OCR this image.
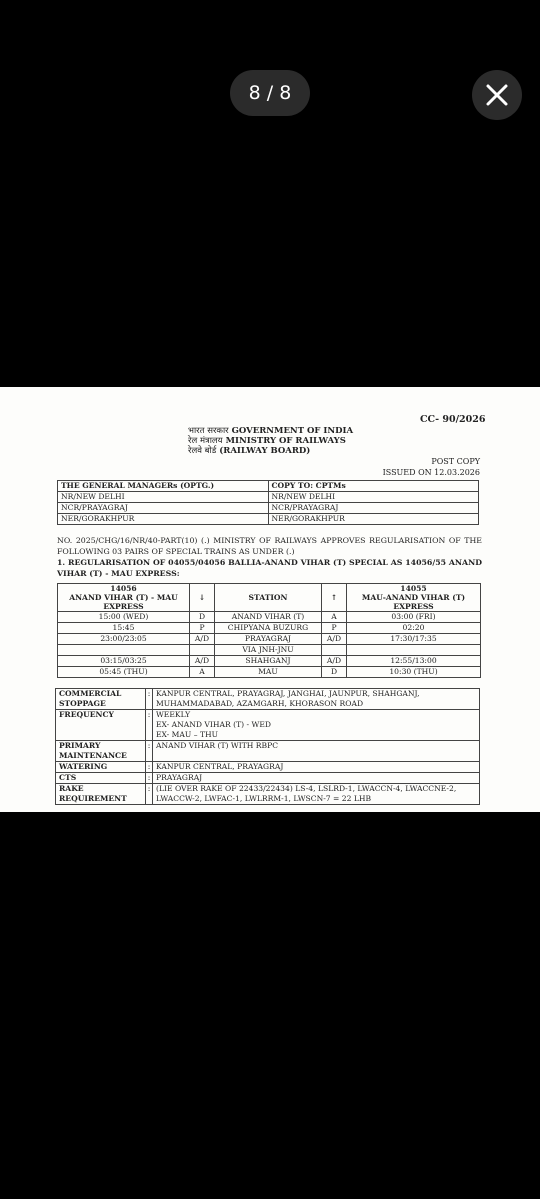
8 / 8
CC- 90/2026
भारत सरकार GOVERNMENT OF INDIA
रेल मंत्रालय MINISTRY OF RAILWAYS
रेलवे बोर्ड (RAILWAY BOARD)
POST COPY
ISSUED ON 12.03.2026
THE GENERAL MANAGERs (OPTG.)	COPY TO: CPTMs
NR/NEW DELHI	NR/NEW DELHI
NCR/PRAYAGRAJ	NCR/PRAYAGRAJ
NER/GORAKHPUR	NER/GORAKHPUR
NO. 2025/CHG/16/NR/40-PART(10) (.) MINISTRY OF RAILWAYS APPROVES REGULARISATION OF THE FOLLOWING 03 PAIRS OF SPECIAL TRAINS AS UNDER (.)
1. REGULARISATION OF 04055/04056 BALLIA-ANAND VIHAR (T) SPECIAL AS 14056/55 ANAND VIHAR (T) - MAU EXPRESS:
14056
ANAND VIHAR (T) - MAU EXPRESS	↓	STATION	↑	14055
MAU-ANAND VIHAR (T) EXPRESS
15:00 (WED)	D	ANAND VIHAR (T)	A	03:00 (FRI)
15:45	P	CHIPYANA BUZURG	P	02:20
23:00/23:05	A/D	PRAYAGRAJ	A/D	17:30/17:35
		VIA JNH-JNU		
03:15/03:25	A/D	SHAHGANJ	A/D	12:55/13:00
05:45 (THU)	A	MAU	D	10:30 (THU)
COMMERCIAL STOPPAGE	:	KANPUR CENTRAL, PRAYAGRAJ, JANGHAI, JAUNPUR, SHAHGANJ, MUHAMMADABAD, AZAMGARH, KHORASON ROAD
FREQUENCY	:	WEEKLY
EX- ANAND VIHAR (T) - WED
EX- MAU – THU

PRIMARY MAINTENANCE	:	ANAND VIHAR (T) WITH RBPC
WATERING	:	KANPUR CENTRAL, PRAYAGRAJ
CTS	:	PRAYAGRAJ
RAKE REQUIREMENT	:	(LIE OVER RAKE OF 22433/22434) LS-4, LSLRD-1, LWACCN-4, LWACCNE-2, LWACCW-2, LWFAC-1, LWLRRM-1, LWSCN-7 = 22 LHB
